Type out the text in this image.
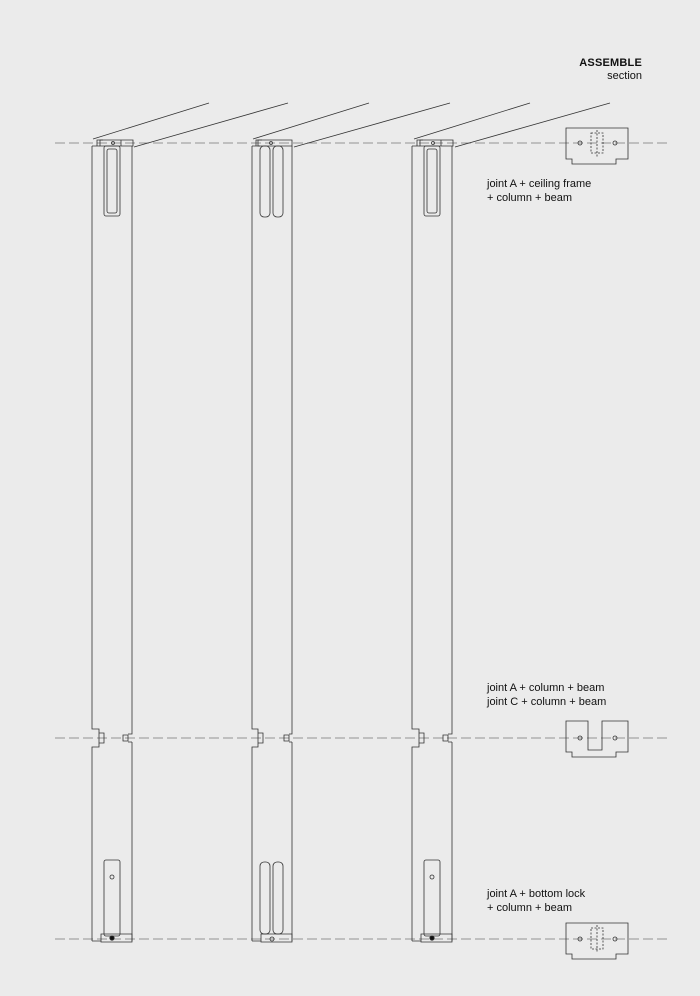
ASSEMBLE
section
joint A + ceiling frame
+ column + beam
joint A + column + beam
joint C + column + beam
joint A + bottom lock
+ column + beam
